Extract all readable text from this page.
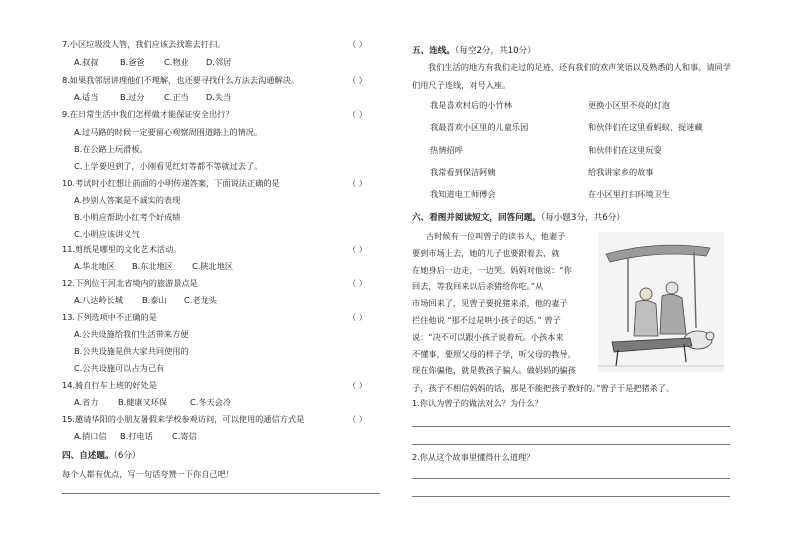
7.小区垃圾没人管，我们应该去找谁去打扫。	（ ）
A.叔叔	B.爸爸 C.物业 D.邻居
8.如果我邻居讲理他们不理解，也还要寻找什么方法去沟通解决。	（ ）
A.适当	B.过分 C.正当 D.失当
9.在日常生活中我们怎样做才能保证安全出行？	（ ）
A.过马路的时候一定要留心观察周围道路上的情况。
B.在公路上玩滑板。
C.上学要迟到了，小刚看见红灯等都不等就过去了。
10.考试时小红想让前面的小明传递答案，下面说法正确的是	（ ）
A.抄别人答案是不诚实的表现
B.小明应帮助小红考个好成绩
C.小明应该讲义气
11.剪纸是哪里的文化艺术活动。	（ ）
A.华北地区 B.东北地区 C.陕北地区
12.下列位于河北省境内的旅游景点是	（ ）
A.八达岭长城 B.泰山 C.老龙头
13.下列选项中不正确的是	（ ）
A.公共设施给我们生活带来方便
B.公共设施是供大家共同使用的
C.公共设施可以占为己有
14.骑自行车上班的好处是	（ ）
A.省力 B.健康又环保	C.冬天会冷
15.邀请华阳的小朋友暑假来学校参观访问，可以使用的通信方式是	（ ）
A.捎口信 B.打电话 C.寄信
四、自述题。（6分）
每个人都有优点，写一句话夸赞一下你自己吧！
五、连线。（每空2分，共10分）
我们生活的地方有我们走过的足迹，还有我们的欢声笑语以及熟悉的人和事。请同学们用尺子连线，对号入座。
我是喜欢村后的小竹林
我最喜欢小区里的儿童乐园
热情招呼
我常看到保洁阿姨
我知道电工师傅会
更换小区里不亮的灯泡
和伙伴们在这里看蚂蚁、捉迷藏
和伙伴们在这里玩耍
给我讲家乡的故事
在小区里打扫环境卫生
六、看图并阅读短文，回答问题。（每小题3分，共6分）
古时候有一位叫曾子的读书人，他妻子
要到市场上去，她的儿子也要跟着去，就
在她身后一边走，一边哭。妈妈对他说：“你
回去，等我回来以后杀猪给你吃。”从
市场回来了，见曾子要捉猪来杀，他的妻子
拦住他说 “那不过是哄小孩子的话。” 曾子
说：“决不可以跟小孩子说着玩。小孩本来
不懂事，要照父母的样子学，听父母的教导。
现在你骗他，就是教孩子骗人。做妈妈的骗孩
子，孩子不相信妈妈的话，那是不能把孩子教好的。”曾子于是把猪杀了。
1.你认为曾子的做法对么？为什么？
2.你从这个故事里懂得什么道理？
